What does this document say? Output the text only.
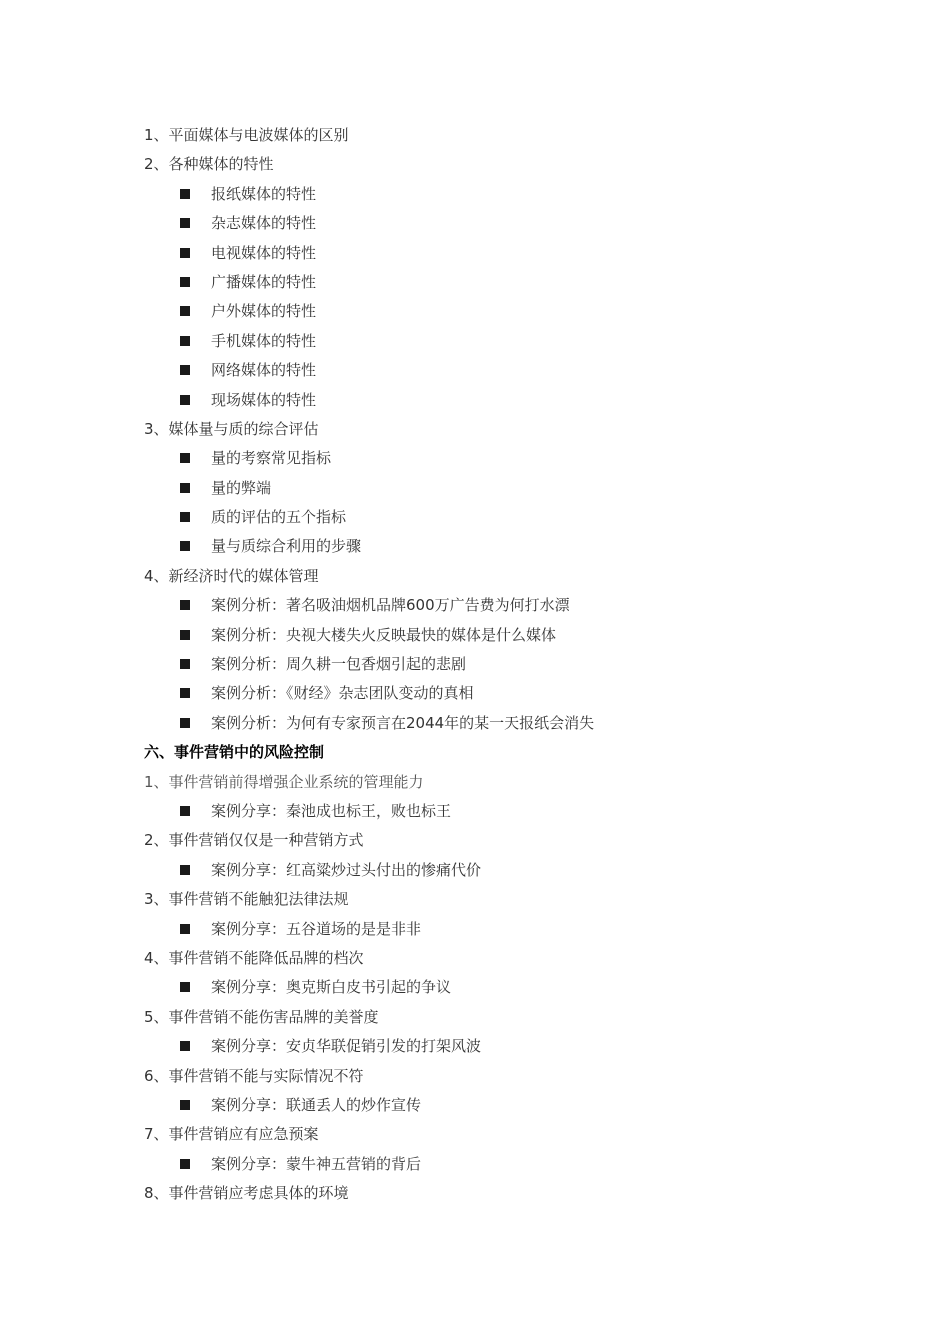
1、平面媒体与电波媒体的区别
2、各种媒体的特性
报纸媒体的特性
杂志媒体的特性
电视媒体的特性
广播媒体的特性
户外媒体的特性
手机媒体的特性
网络媒体的特性
现场媒体的特性
3、媒体量与质的综合评估
量的考察常见指标
量的弊端
质的评估的五个指标
量与质综合利用的步骤
4、新经济时代的媒体管理
案例分析：著名吸油烟机品牌600万广告费为何打水漂
案例分析：央视大楼失火反映最快的媒体是什么媒体
案例分析：周久耕一包香烟引起的悲剧
案例分析：《财经》杂志团队变动的真相
案例分析：为何有专家预言在2044年的某一天报纸会消失
六、事件营销中的风险控制
1、事件营销前得增强企业系统的管理能力
案例分享：秦池成也标王，败也标王
2、事件营销仅仅是一种营销方式
案例分享：红高粱炒过头付出的惨痛代价
3、事件营销不能触犯法律法规
案例分享：五谷道场的是是非非
4、事件营销不能降低品牌的档次
案例分享：奥克斯白皮书引起的争议
5、事件营销不能伤害品牌的美誉度
案例分享：安贞华联促销引发的打架风波
6、事件营销不能与实际情况不符
案例分享：联通丢人的炒作宣传
7、事件营销应有应急预案
案例分享：蒙牛神五营销的背后
8、事件营销应考虑具体的环境
